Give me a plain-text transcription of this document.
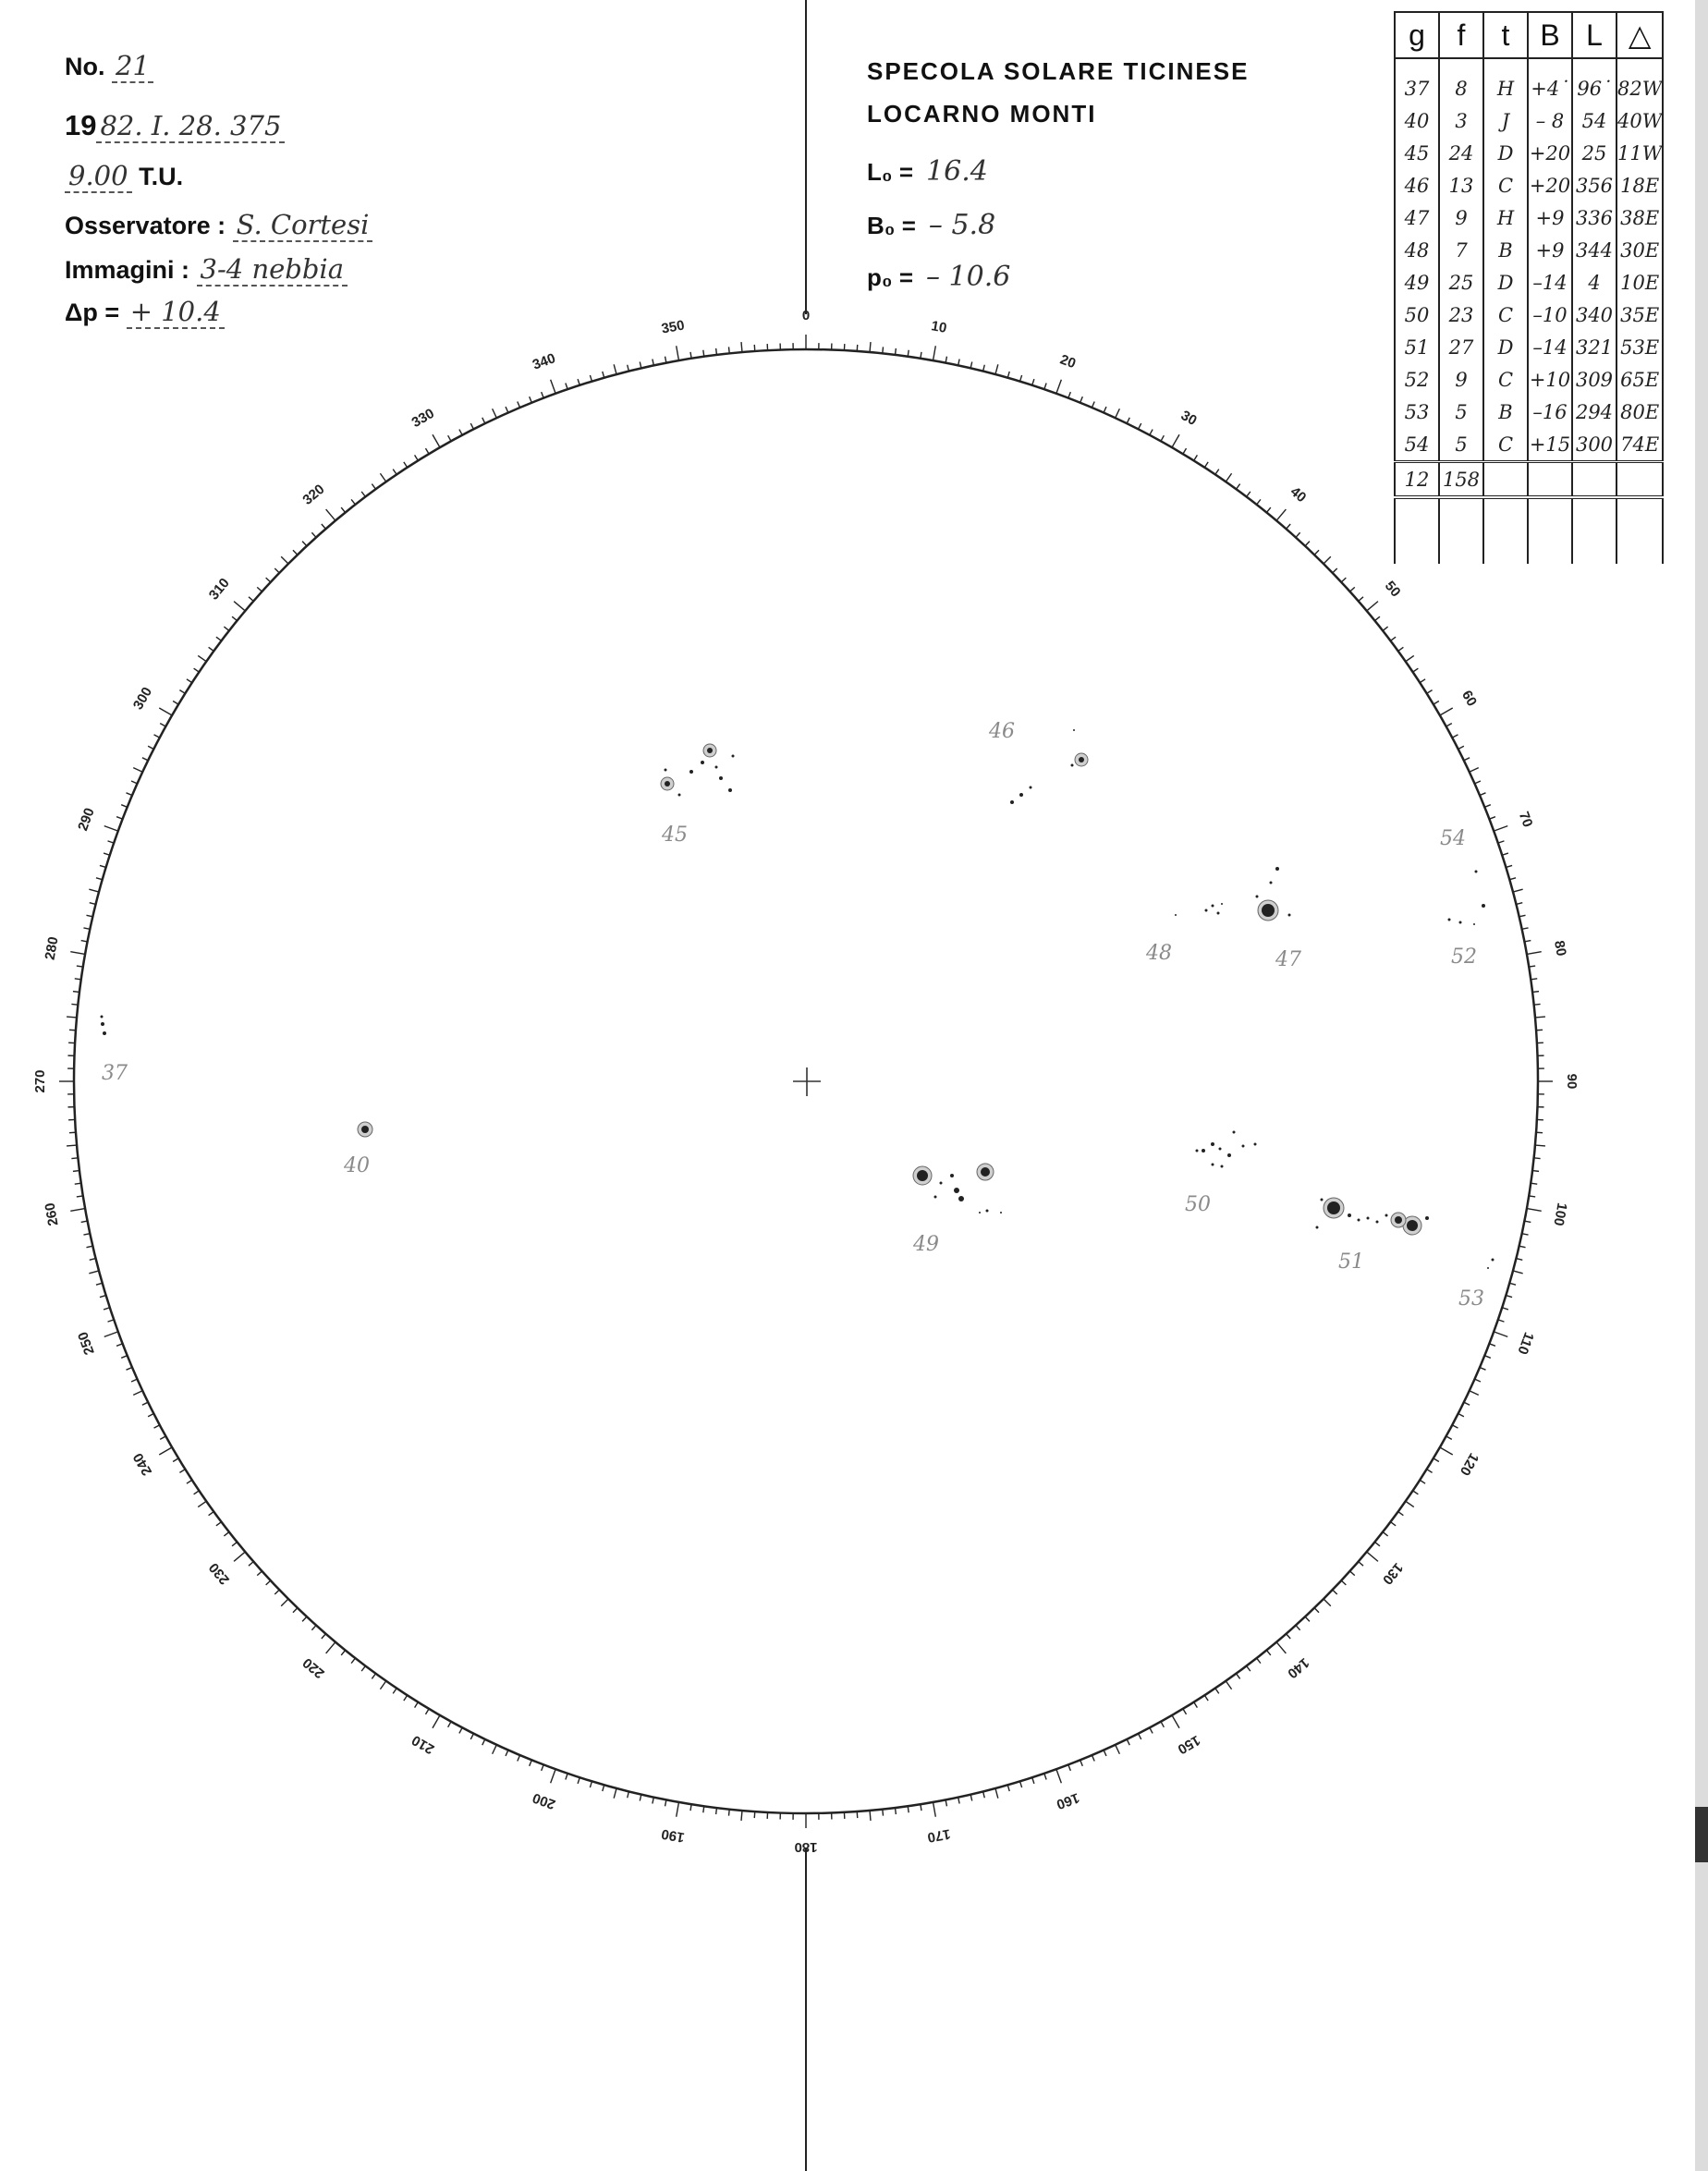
No. 21
19 82. I. 28. 375
9.00 T.U.
Osservatore : S. Cortesi
Immagini : 3-4 nebbia
Δp = + 10.4
SPECOLA SOLARE TICINESE
LOCARNO MONTI
L₀ = 16.4
B₀ = – 5.8
p₀ = – 10.6
g	f	t	B	L	△
37	8	H	+4˙	96˙	82W
40	3	J	– 8	54	40W
45	24	D	+20	25	11W
46	13	C	+20	356	18E
47	9	H	+9	336	38E
48	7	B	+9	344	30E
49	25	D	–14	4	10E
50	23	C	–10	340	35E
51	27	D	–14	321	53E
52	9	C	+10	309	65E
53	5	B	–16	294	80E
54	5	C	+15	300	74E
12	158				

0
10
20
30
40
50
60
70
80
90
100
110
120
130
140
150
160
170
180
190
200
210
220
230
240
250
260
270
280
290
300
310
320
330
340
350
37
40
45
46
47
48
49
50
51
52
53
54
